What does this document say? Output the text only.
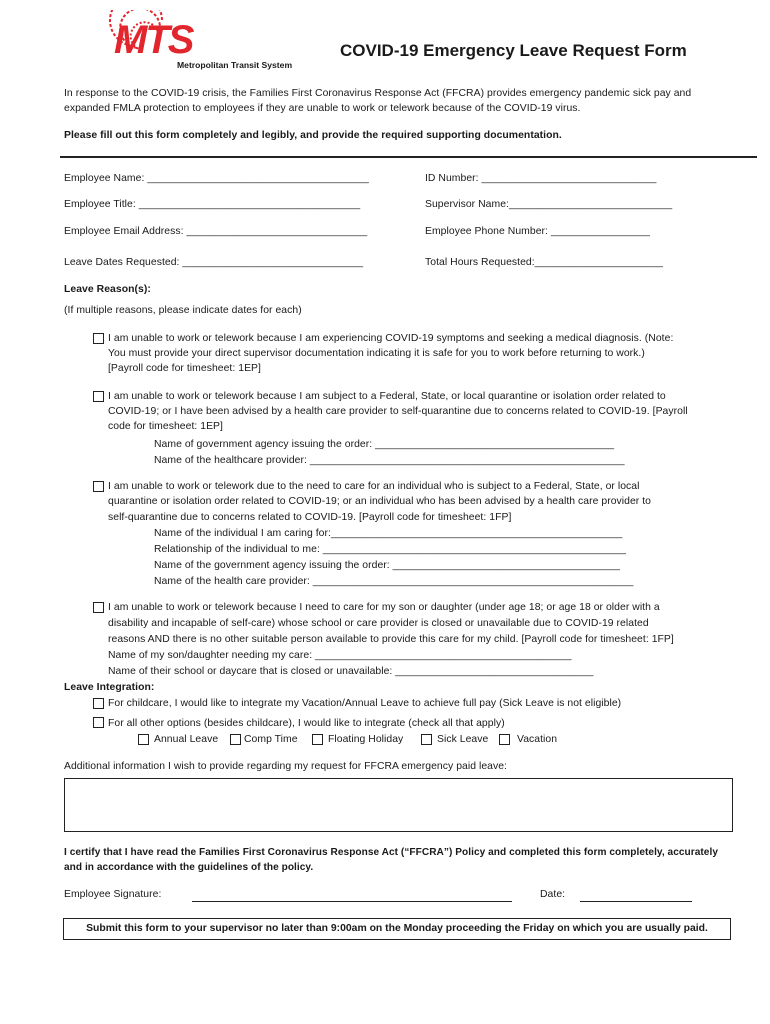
MTS
Metropolitan Transit System
COVID-19 Emergency Leave Request Form
In response to the COVID-19 crisis, the Families First Coronavirus Response Act (FFCRA) provides emergency pandemic sick pay and
expanded FMLA protection to employees if they are unable to work or telework because of the COVID-19 virus.
Please fill out this form completely and legibly, and provide the required supporting documentation.
Employee Name: ______________________________________	ID Number: ______________________________
Employee Title: ______________________________________	Supervisor Name:____________________________
Employee Email Address: _______________________________	Employee Phone Number: _________________
Leave Dates Requested: _______________________________	Total Hours Requested:______________________
Leave Reason(s):
(If multiple reasons, please indicate dates for each)
I am unable to work or telework because I am experiencing COVID-19 symptoms and seeking a medical diagnosis. (Note:
You must provide your direct supervisor documentation indicating it is safe for you to work before returning to work.)
[Payroll code for timesheet: 1EP]
I am unable to work or telework because I am subject to a Federal, State, or local quarantine or isolation order related to
COVID-19; or I have been advised by a health care provider to self-quarantine due to concerns related to COVID-19. [Payroll
code for timesheet: 1EP]
Name of government agency issuing the order: _________________________________________
Name of the healthcare provider: ______________________________________________________
I am unable to work or telework due to the need to care for an individual who is subject to a Federal, State, or local
quarantine or isolation order related to COVID-19; or an individual who has been advised by a health care provider to
self-quarantine due to concerns related to COVID-19. [Payroll code for timesheet: 1FP]
Name of the individual I am caring for:__________________________________________________
Relationship of the individual to me: ____________________________________________________
Name of the government agency issuing the order: _______________________________________
Name of the health care provider: _______________________________________________________
I am unable to work or telework because I need to care for my son or daughter (under age 18; or age 18 or older with a
disability and incapable of self-care) whose school or care provider is closed or unavailable due to COVID-19 related
reasons AND there is no other suitable person available to provide this care for my child. [Payroll code for timesheet: 1FP]
Name of my son/daughter needing my care: ____________________________________________
Name of their school or daycare that is closed or unavailable: __________________________________
Leave Integration:
For childcare, I would like to integrate my Vacation/Annual Leave to achieve full pay (Sick Leave is not eligible)
For all other options (besides childcare), I would like to integrate (check all that apply)
Annual Leave Comp Time	Floating Holiday	Sick Leave	Vacation
Additional information I wish to provide regarding my request for FFCRA emergency paid leave:
I certify that I have read the Families First Coronavirus Response Act (“FFCRA”) Policy and completed this form completely, accurately
and in accordance with the guidelines of the policy.
Employee Signature:	Date:
Submit this form to your supervisor no later than 9:00am on the Monday proceeding the Friday on which you are usually paid.
